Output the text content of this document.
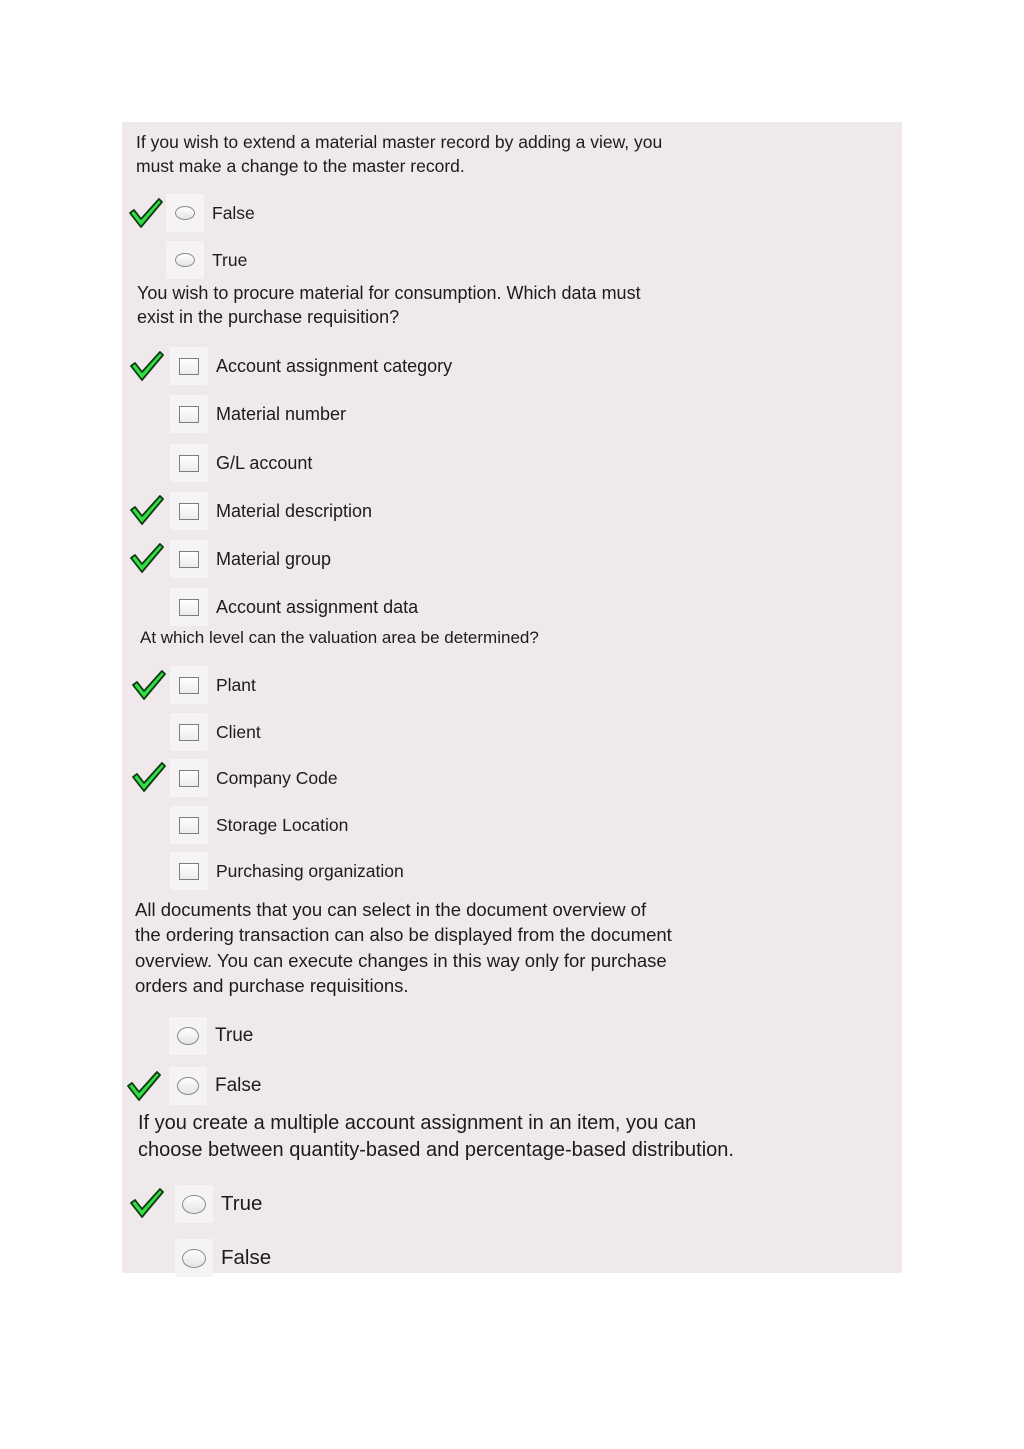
If you wish to extend a material master record by adding a view, you
must make a change to the master record.

False
True

You wish to procure material for consumption. Which data must
exist in the purchase requisition?

Account assignment category
Material number
G/L account
Material description
Material group
Account assignment data

At which level can the valuation area be determined?

Plant
Client
Company Code
Storage Location
Purchasing organization

All documents that you can select in the document overview of
the ordering transaction can also be displayed from the document
overview. You can execute changes in this way only for purchase
orders and purchase requisitions.

True
False

If you create a multiple account assignment in an item, you can
choose between quantity-based and percentage-based distribution.

True
False
